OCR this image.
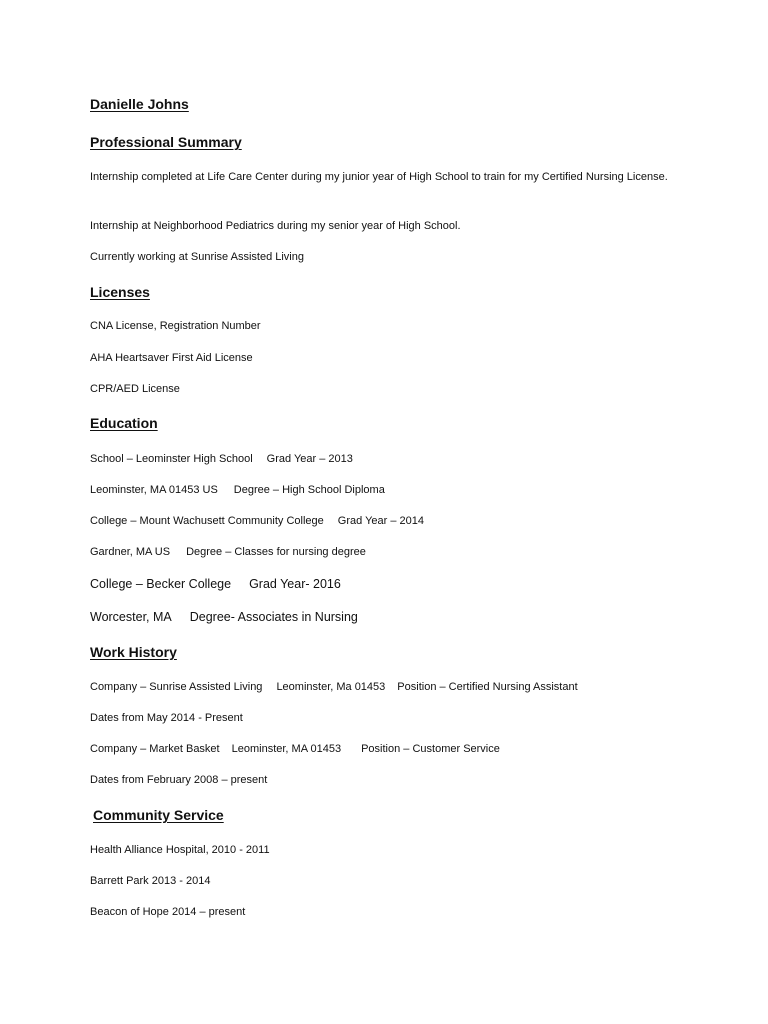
Danielle Johns
Professional Summary
Internship completed at Life Care Center during my junior year of High School to train for my Certified Nursing License.
Internship at Neighborhood Pediatrics during my senior year of High School.
Currently working at Sunrise Assisted Living
Licenses
CNA License, Registration Number
AHA Heartsaver First Aid License
CPR/AED License
Education
School – Leominster High School Grad Year – 2013
Leominster, MA 01453 US Degree – High School Diploma
College – Mount Wachusett Community College Grad Year – 2014
Gardner, MA US Degree – Classes for nursing degree
College – Becker College Grad Year- 2016
Worcester, MA Degree- Associates in Nursing
Work History
Company – Sunrise Assisted Living Leominster, Ma 01453 Position – Certified Nursing Assistant
Dates from May 2014 - Present
Company – Market Basket Leominster, MA 01453 Position – Customer Service
Dates from February 2008 – present
Community Service
Health Alliance Hospital, 2010 - 2011
Barrett Park 2013 - 2014
Beacon of Hope 2014 – present
